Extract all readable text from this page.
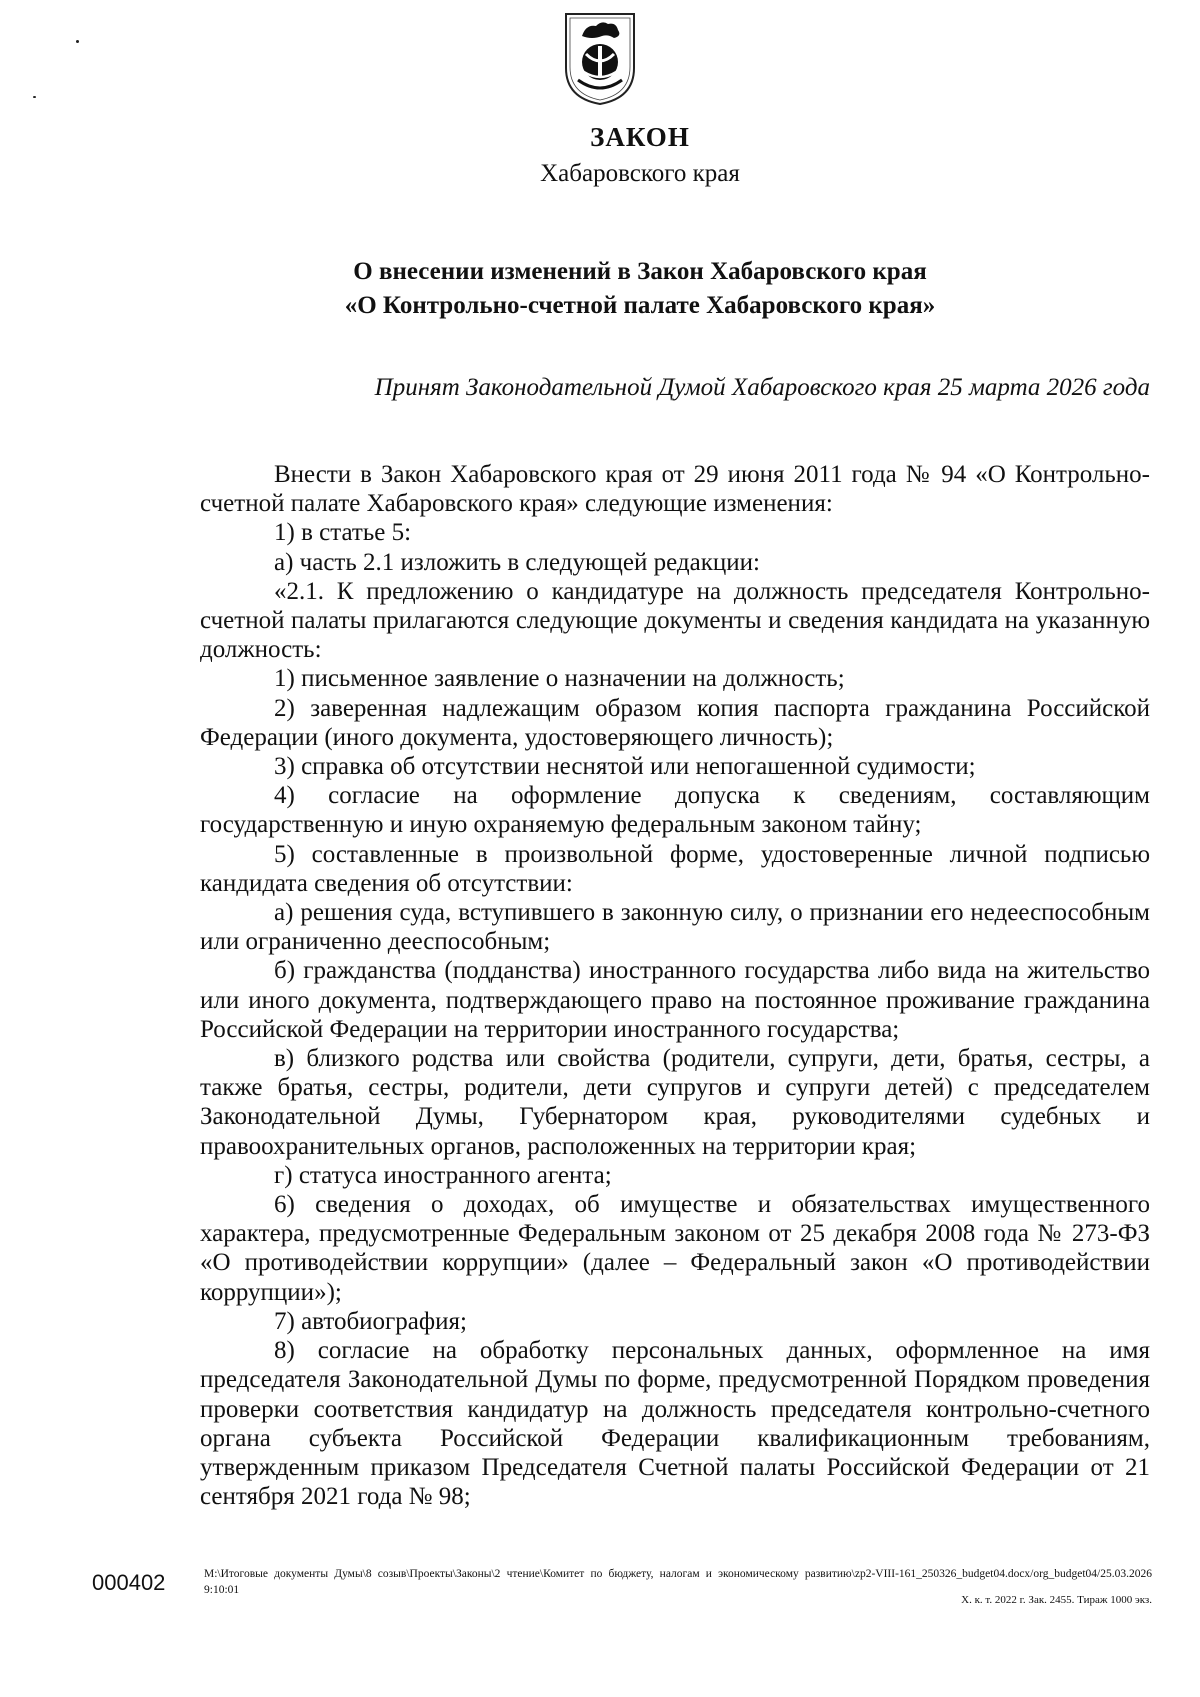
ЗАКОН
Хабаровского края
О внесении изменений в Закон Хабаровского края
«О Контрольно-счетной палате Хабаровского края»
Принят Законодательной Думой Хабаровского края 25 марта 2026 года

Внести в Закон Хабаровского края от 29 июня 2011 года № 94 «О Контрольно-счетной палате Хабаровского края» следующие изменения:

1) в статье 5:

а) часть 2.1 изложить в следующей редакции:

«2.1. К предложению о кандидатуре на должность председателя Контрольно-счетной палаты прилагаются следующие документы и сведения кандидата на указанную должность:

1) письменное заявление о назначении на должность;

2) заверенная надлежащим образом копия паспорта гражданина Российской Федерации (иного документа, удостоверяющего личность);

3) справка об отсутствии неснятой или непогашенной судимости;

4) согласие на оформление допуска к сведениям, составляющим государственную и иную охраняемую федеральным законом тайну;

5) составленные в произвольной форме, удостоверенные личной подписью кандидата сведения об отсутствии:

а) решения суда, вступившего в законную силу, о признании его недееспособным или ограниченно дееспособным;

б) гражданства (подданства) иностранного государства либо вида на жительство или иного документа, подтверждающего право на постоянное проживание гражданина Российской Федерации на территории иностранного государства;

в) близкого родства или свойства (родители, супруги, дети, братья, сестры, а также братья, сестры, родители, дети супругов и супруги детей) с председателем Законодательной Думы, Губернатором края, руководителями судебных и правоохранительных органов, расположенных на территории края;

г) статуса иностранного агента;

6) сведения о доходах, об имуществе и обязательствах имущественного характера, предусмотренные Федеральным законом от 25 декабря 2008 года № 273-ФЗ «О противодействии коррупции» (далее – Федеральный закон «О противодействии коррупции»);

7) автобиография;

8) согласие на обработку персональных данных, оформленное на имя председателя Законодательной Думы по форме, предусмотренной Порядком проведения проверки соответствия кандидатур на должность председателя контрольно-счетного органа субъекта Российской Федерации квалификационным требованиям, утвержденным приказом Председателя Счетной палаты Российской Федерации от 21 сентября 2021 года № 98;

000402	М:\Итоговые документы Думы\8 созыв\Проекты\Законы\2 чтение\Комитет по бюджету, налогам и экономическому развитию\zp2-VIII-161_250326_budget04.docx/org_budget04/25.03.2026 9:10:01
Х. к. т. 2022 г. Зак. 2455. Тираж 1000 экз.
